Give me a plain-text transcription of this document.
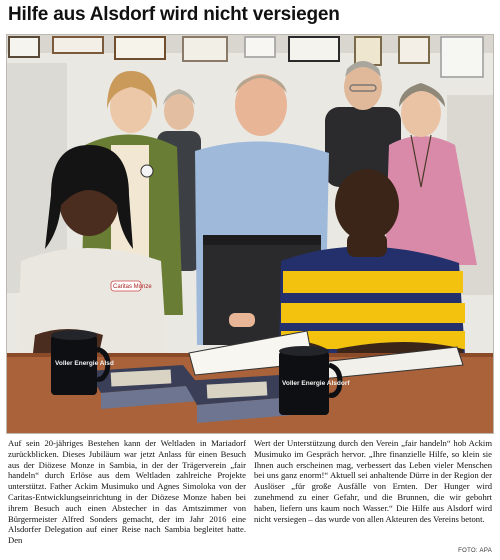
Hilfe aus Alsdorf wird nicht versiegen
Caritas Monze
Voller Energie Alsd
Voller Energie Alsdorf
Auf sein 20-jähriges Bestehen kann der Weltladen in Mariadorf zurückblicken. Dieses Jubiläum war jetzt Anlass für einen Besuch aus der Diözese Monze in Sambia, in der der Trägerverein „fair handeln“ durch Erlöse aus dem Weltladen zahlreiche Projekte unterstützt. Father Ackim Musimuko und Agnes Simoloka von der Caritas-Entwicklungseinrichtung in der Diözese Monze haben bei ihrem Besuch auch einen Abstecher in das Amtszimmer von Bürgermeister Alfred Sonders gemacht, der im Jahr 2016 eine Alsdorfer Delegation auf einer Reise nach Sambia begleitet hatte. Den
Wert der Unterstützung durch den Verein „fair handeln“ hob Ackim Musimuko im Gespräch hervor. „Ihre finanzielle Hilfe, so klein sie Ihnen auch erscheinen mag, verbessert das Leben vieler Menschen bei uns ganz enorm!“ Aktuell sei anhaltende Dürre in der Region der Auslöser „für große Ausfälle von Ernten. Der Hunger wird zunehmend zu einer Gefahr, und die Brunnen, die wir gebohrt haben, liefern uns kaum noch Wasser.“ Die Hilfe aus Alsdorf wird nicht versiegen – das wurde von allen Akteuren des Vereins betont.
FOTO: APA
